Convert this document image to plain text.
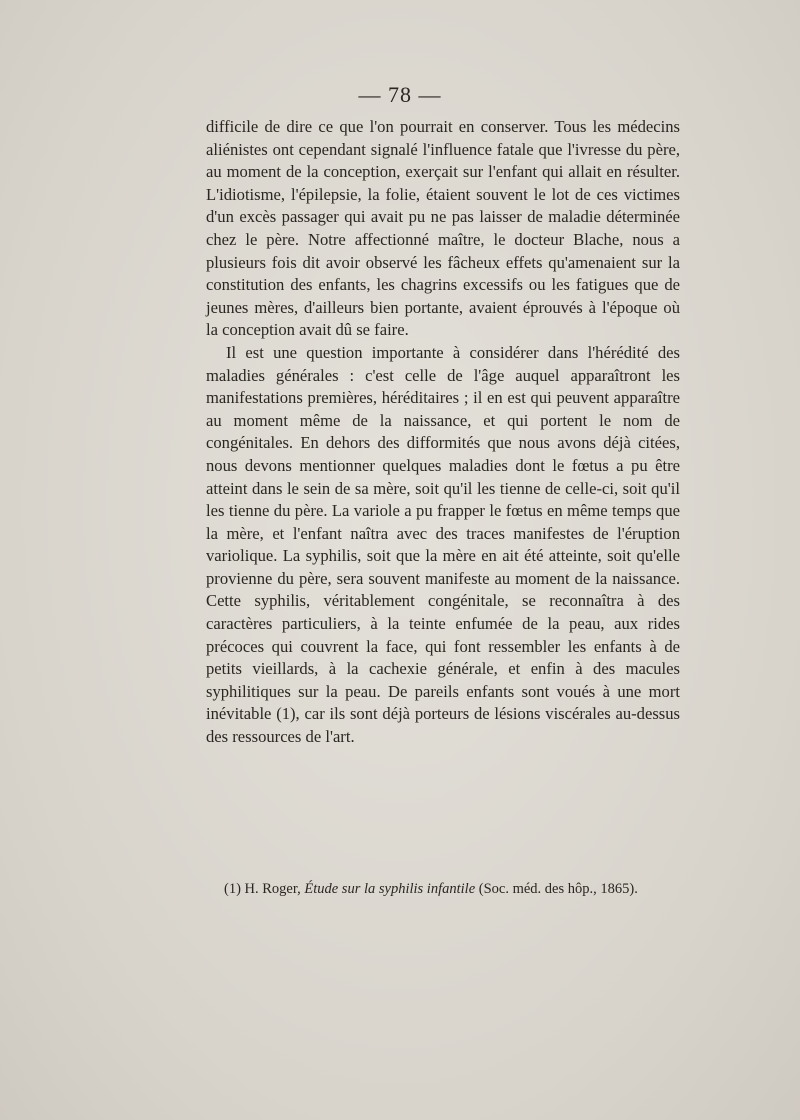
— 78 —

difficile de dire ce que l'on pourrait en conserver. Tous les médecins aliénistes ont cependant signalé l'influence fatale que l'ivresse du père, au moment de la conception, exerçait sur l'enfant qui allait en résulter. L'idiotisme, l'épilepsie, la folie, étaient souvent le lot de ces victimes d'un excès passager qui avait pu ne pas laisser de maladie déterminée chez le père. Notre affectionné maître, le docteur Blache, nous a plusieurs fois dit avoir observé les fâcheux effets qu'amenaient sur la constitution des enfants, les chagrins excessifs ou les fatigues que de jeunes mères, d'ailleurs bien portante, avaient éprouvés à l'époque où la conception avait dû se faire.

Il est une question importante à considérer dans l'hérédité des maladies générales : c'est celle de l'âge auquel apparaîtront les manifestations premières, héréditaires ; il en est qui peuvent apparaître au moment même de la naissance, et qui portent le nom de congénitales. En dehors des difformités que nous avons déjà citées, nous devons mentionner quelques maladies dont le fœtus a pu être atteint dans le sein de sa mère, soit qu'il les tienne de celle-ci, soit qu'il les tienne du père. La variole a pu frapper le fœtus en même temps que la mère, et l'enfant naîtra avec des traces manifestes de l'éruption variolique. La syphilis, soit que la mère en ait été atteinte, soit qu'elle provienne du père, sera souvent manifeste au moment de la naissance. Cette syphilis, véritablement congénitale, se reconnaîtra à des caractères particuliers, à la teinte enfumée de la peau, aux rides précoces qui couvrent la face, qui font ressembler les enfants à de petits vieillards, à la cachexie générale, et enfin à des macules syphilitiques sur la peau. De pareils enfants sont voués à une mort inévitable (1), car ils sont déjà porteurs de lésions viscérales au-dessus des ressources de l'art.

(1) H. Roger, Étude sur la syphilis infantile (Soc. méd. des hôp., 1865).
